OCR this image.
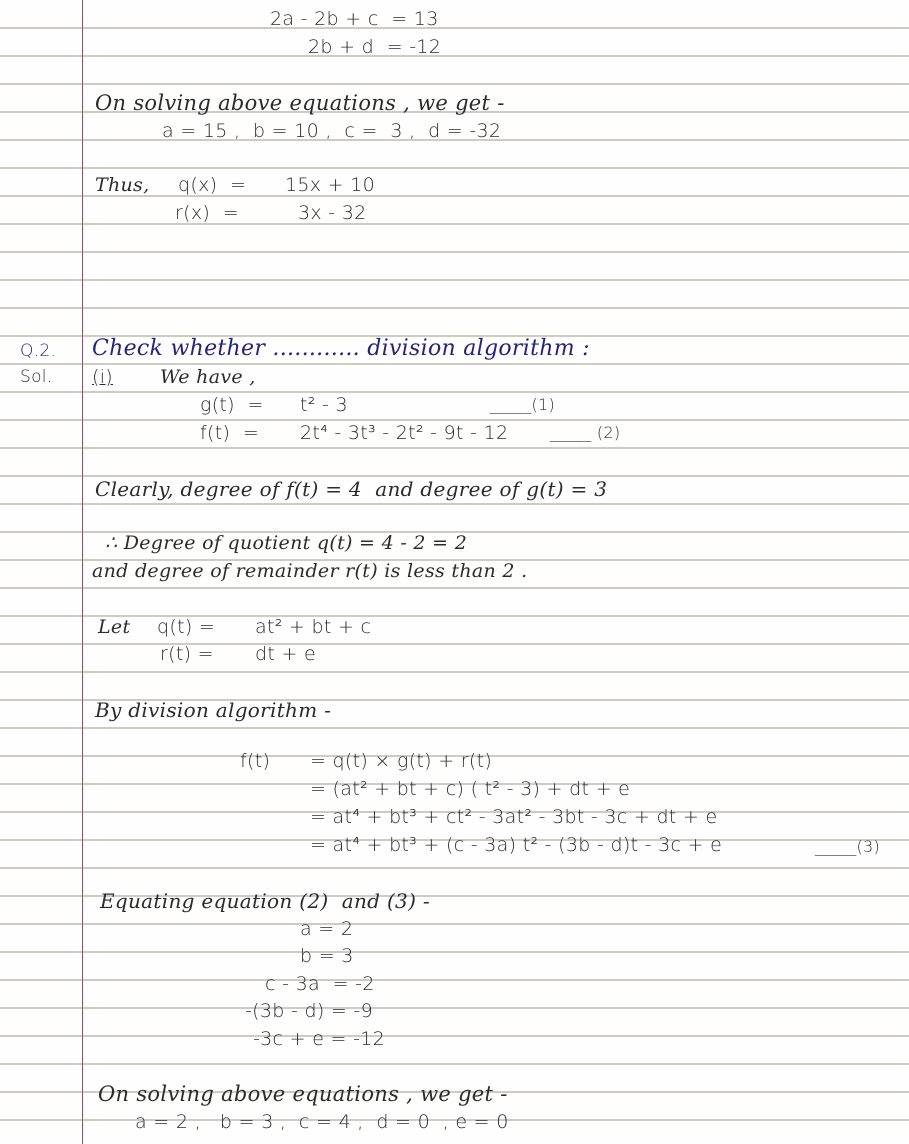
2a - 2b + c  = 13
2b + d  = -12
On solving above equations , we get -
a = 15 ,  b = 10 ,  c =  3 ,  d = -32
Thus, q(x)  = 15x + 10
r(x)  =	3x - 32
Q.2. Check whether ............ division algorithm :
Sol. (i) We have ,
g(t)  = t² - 3	_____(1)
f(t)  = 2t⁴ - 3t³ - 2t² - 9t - 12	_____ (2)
Clearly, degree of f(t) = 4  and degree of g(t) = 3
∴ Degree of quotient q(t) = 4 - 2 = 2
and degree of remainder r(t) is less than 2 .
Let q(t) = at² + bt + c
r(t) = dt + e
By division algorithm -
f(t) = q(t) × g(t) + r(t)
= (at² + bt + c) ( t² - 3) + dt + e
= at⁴ + bt³ + ct² - 3at² - 3bt - 3c + dt + e
= at⁴ + bt³ + (c - 3a) t² - (3b - d)t - 3c + e	_____(3)
Equating equation (2)  and (3) -
a = 2
b = 3
c - 3a  = -2
-(3b - d) = -9
-3c + e = -12
On solving above equations , we get -
a = 2 ,   b = 3 ,  c = 4 ,  d = 0  , e = 0
